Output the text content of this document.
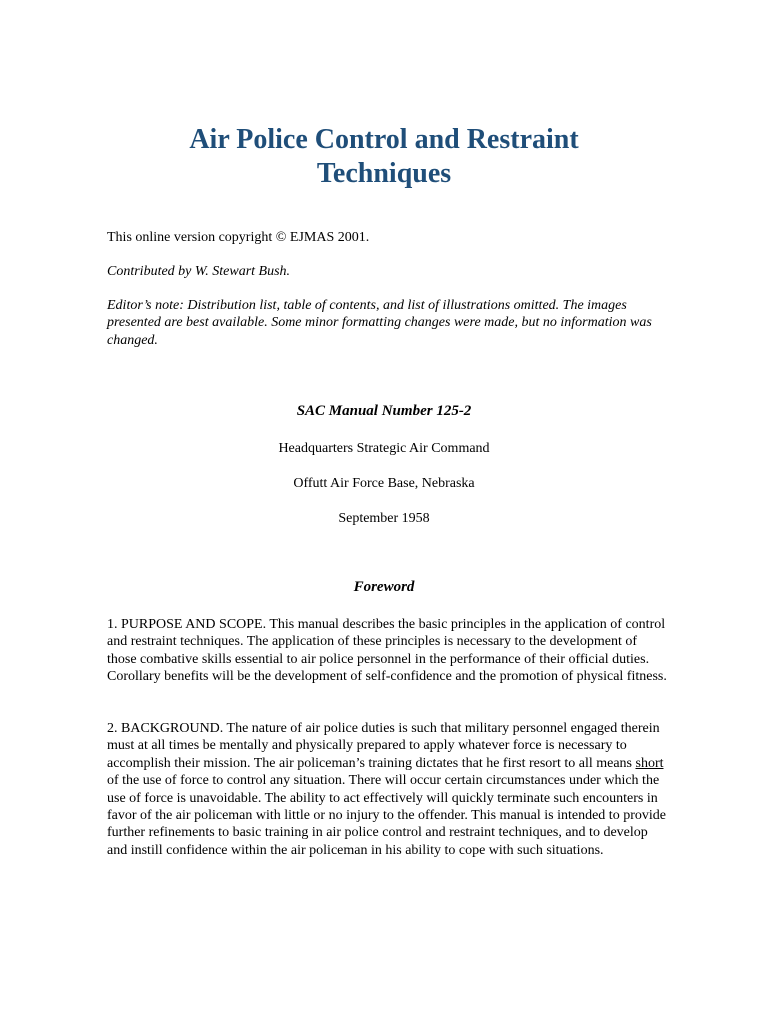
Air Police Control and Restraint
Techniques

This online version copyright © EJMAS 2001.

Contributed by W. Stewart Bush.

Editor’s note: Distribution list, table of contents, and list of illustrations omitted. The images presented are best available. Some minor formatting changes were made, but no information was changed.

SAC Manual Number 125-2

Headquarters Strategic Air Command

Offutt Air Force Base, Nebraska

September 1958

Foreword

1. PURPOSE AND SCOPE. This manual describes the basic principles in the application of control and restraint techniques. The application of these principles is necessary to the development of those combative skills essential to air police personnel in the performance of their official duties. Corollary benefits will be the development of self-confidence and the promotion of physical fitness.

2. BACKGROUND. The nature of air police duties is such that military personnel engaged therein must at all times be mentally and physically prepared to apply whatever force is necessary to accomplish their mission. The air policeman’s training dictates that he first resort to all means short of the use of force to control any situation. There will occur certain circumstances under which the use of force is unavoidable. The ability to act effectively will quickly terminate such encounters in favor of the air policeman with little or no injury to the offender. This manual is intended to provide further refinements to basic training in air police control and restraint techniques, and to develop and instill confidence within the air policeman in his ability to cope with such situations.
